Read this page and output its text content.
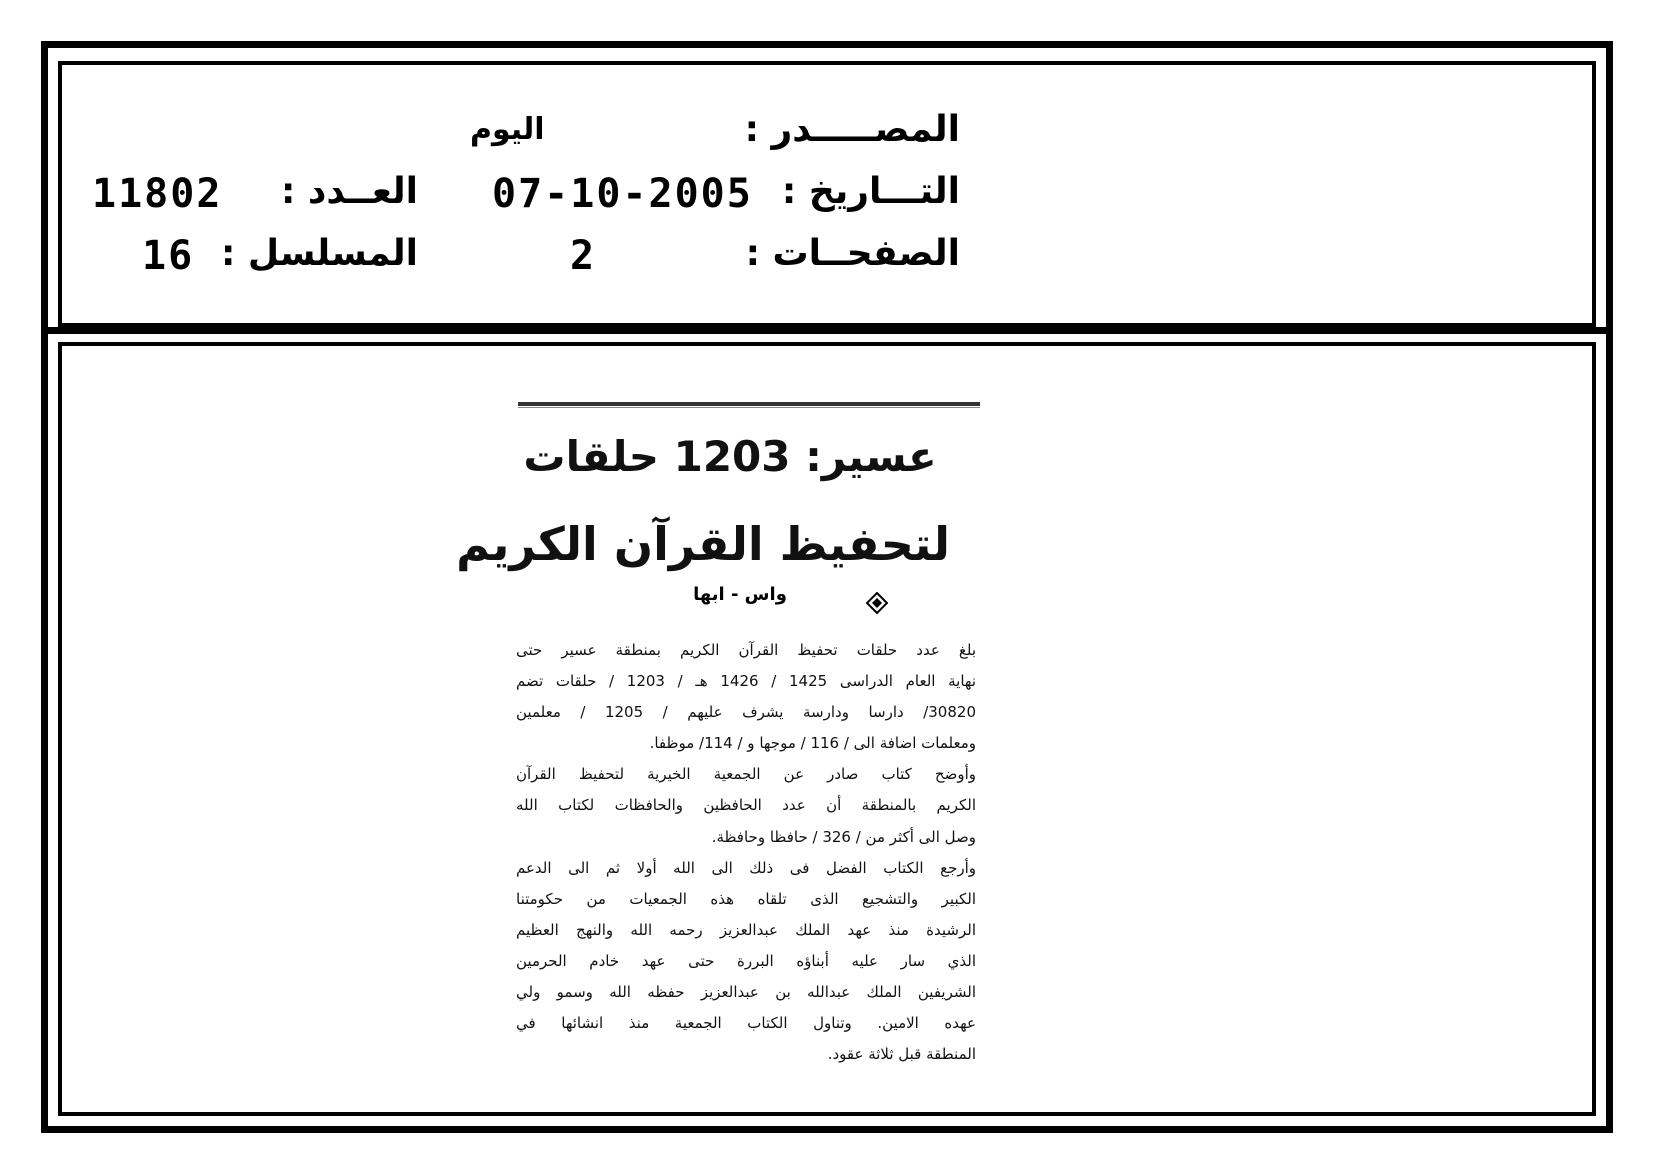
المصـــــدر :
اليوم
التـــاريخ :
07-10-2005
العــدد :
11802
الصفحــات :
2
المسلسل :
16
عسير: 1203 حلقات
لتحفيظ القرآن الكريم
واس - ابها
بلغ عدد حلقات تحفيظ القرآن الكريم بمنطقة عسير حتى
نهاية العام الدراسى 1425 / 1426 هـ / 1203 / حلقات تضم
30820/ دارسا ودارسة يشرف عليهم / 1205 / معلمين
ومعلمات اضافة الى / 116 / موجها و / 114/ موظفا.
وأوضح كتاب صادر عن الجمعية الخيرية لتحفيظ القرآن
الكريم بالمنطقة أن عدد الحافظين والحافظات لكتاب الله
وصل الى أكثر من / 326 / حافظا وحافظة.
وأرجع الكتاب الفضل فى ذلك الى الله أولا ثم الى الدعم
الكبير والتشجيع الذى تلقاه هذه الجمعيات من حكومتنا
الرشيدة منذ عهد الملك عبدالعزيز رحمه الله والنهج العظيم
الذي سار عليه أبناؤه البررة حتى عهد خادم الحرمين
الشريفين الملك عبدالله بن عبدالعزيز حفظه الله وسمو ولي
عهده الامين. وتناول الكتاب الجمعية منذ انشائها في
المنطقة قبل ثلاثة عقود.
